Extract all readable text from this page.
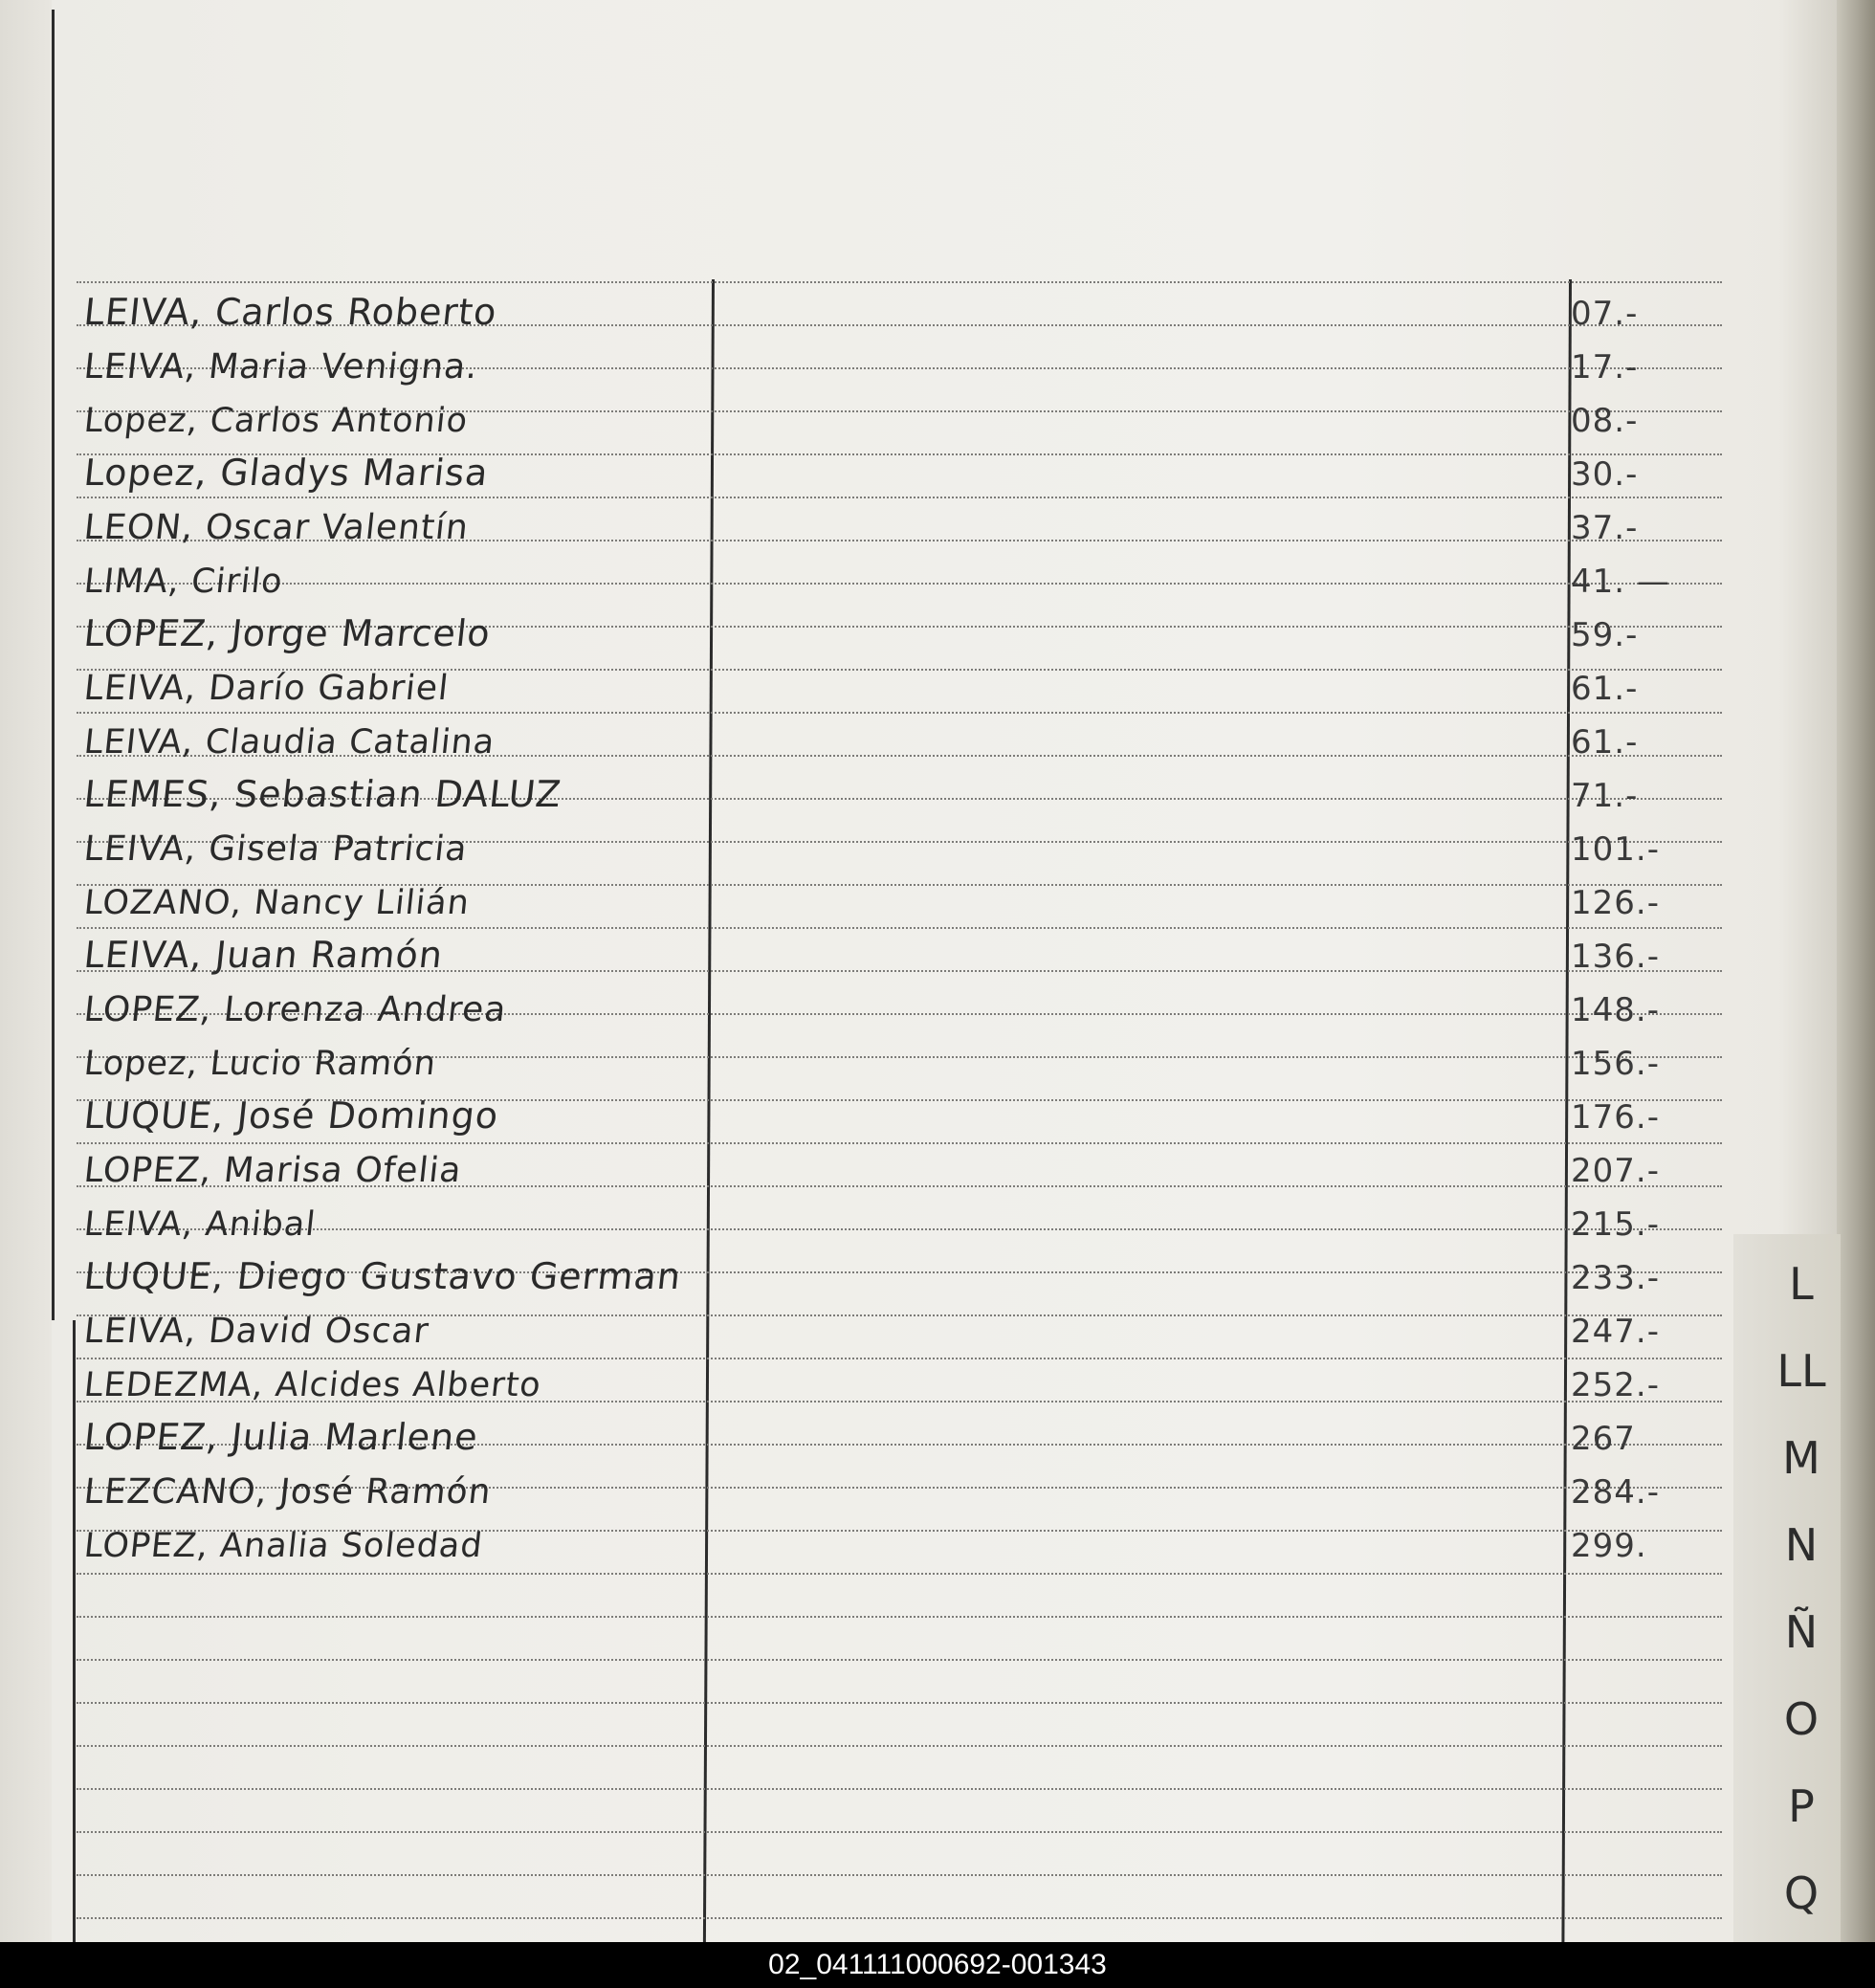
LEIVA, Carlos Roberto	07.-
LEIVA, Maria Venigna.	17.-
Lopez, Carlos Antonio	08.-
Lopez, Gladys Marisa	30.-
LEON, Oscar Valentín	37.-
LIMA, Cirilo	41. —
LOPEZ, Jorge Marcelo	59.-
LEIVA, Darío Gabriel	61.-
LEIVA, Claudia Catalina	61.-
LEMES, Sebastian DALUZ	71.-
LEIVA, Gisela Patricia	101.-
LOZANO, Nancy Lilián	126.-
LEIVA, Juan Ramón	136.-
LOPEZ, Lorenza Andrea	148.-
Lopez, Lucio Ramón	156.-
LUQUE, José Domingo	176.-
LOPEZ, Marisa Ofelia	207.-
LEIVA, Anibal	215.-
LUQUE, Diego Gustavo German	233.-
LEIVA, David Oscar	247.-
LEDEZMA, Alcides Alberto	252.-
LOPEZ, Julia Marlene	267
LEZCANO, José Ramón	284.-
LOPEZ, Analia Soledad	299.
L
LL
M
N
Ñ
O
P
Q
02_041111000692-001343
